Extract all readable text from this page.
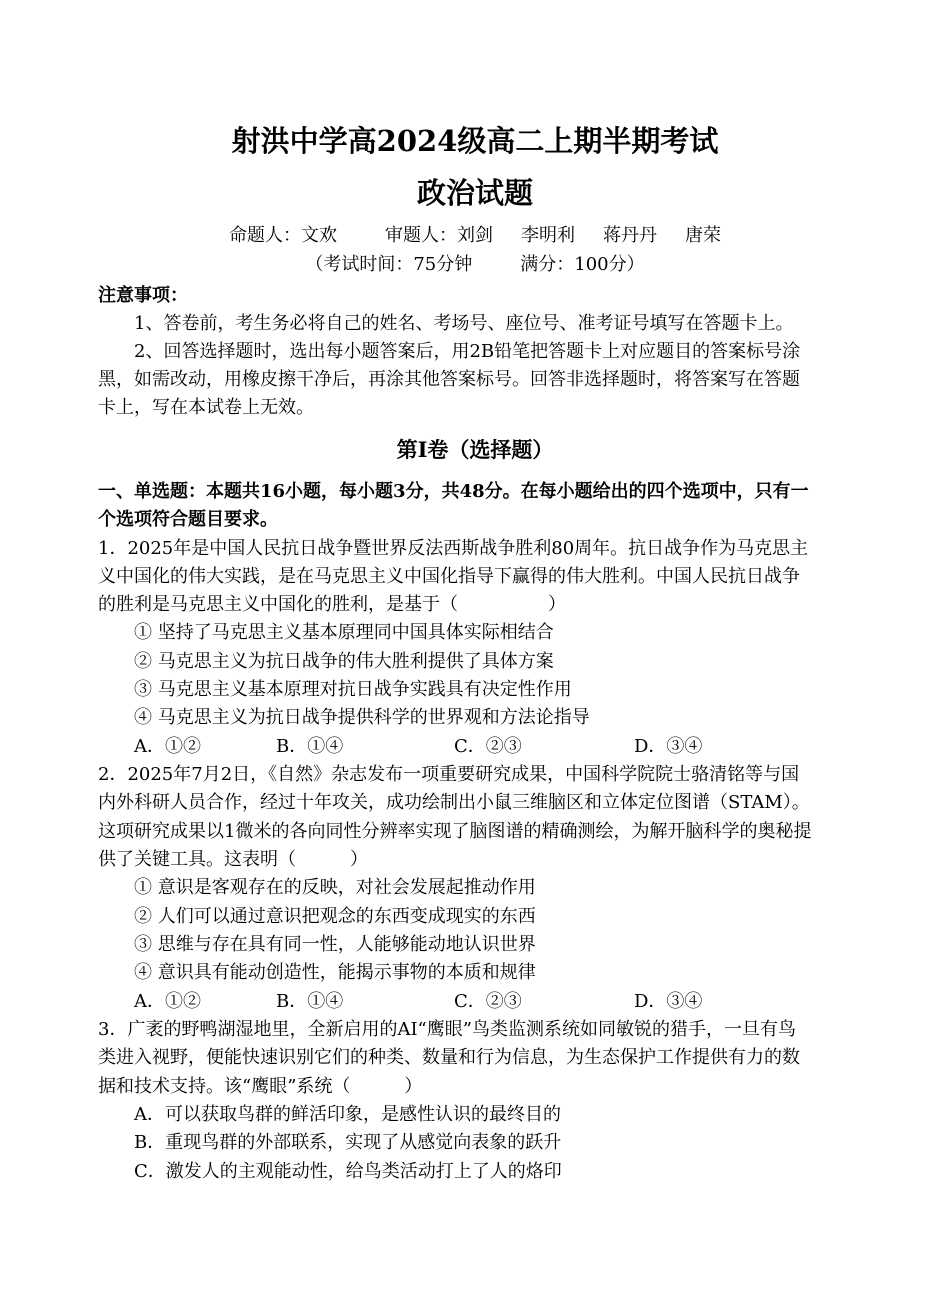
射洪中学高2024级高二上期半期考试
政治试题
命题人：文欢	审题人：刘剑 李明利 蒋丹丹 唐荣
（考试时间：75分钟	满分：100分）
注意事项：
1、答卷前，考生务必将自己的姓名、考场号、座位号、准考证号填写在答题卡上。
2、回答选择题时，选出每小题答案后，用2B铅笔把答题卡上对应题目的答案标号涂
黑，如需改动，用橡皮擦干净后，再涂其他答案标号。回答非选择题时，将答案写在答题
卡上，写在本试卷上无效。
第I卷（选择题）
一、单选题：本题共16小题，每小题3分，共48分。在每小题给出的四个选项中，只有一
个选项符合题目要求。
1．2025年是中国人民抗日战争暨世界反法西斯战争胜利80周年。抗日战争作为马克思主
义中国化的伟大实践，是在马克思主义中国化指导下赢得的伟大胜利。中国人民抗日战争
的胜利是马克思主义中国化的胜利，是基于（　　　　　）
① 坚持了马克思主义基本原理同中国具体实际相结合
② 马克思主义为抗日战争的伟大胜利提供了具体方案
③ 马克思主义基本原理对抗日战争实践具有决定性作用
④ 马克思主义为抗日战争提供科学的世界观和方法论指导
A．①②	B．①④	C．②③	D．③④
2．2025年7月2日，《自然》杂志发布一项重要研究成果，中国科学院院士骆清铭等与国
内外科研人员合作，经过十年攻关，成功绘制出小鼠三维脑区和立体定位图谱（STAM）。
这项研究成果以1微米的各向同性分辨率实现了脑图谱的精确测绘，为解开脑科学的奥秘提
供了关键工具。这表明（　　　）
① 意识是客观存在的反映，对社会发展起推动作用
② 人们可以通过意识把观念的东西变成现实的东西
③ 思维与存在具有同一性，人能够能动地认识世界
④ 意识具有能动创造性，能揭示事物的本质和规律
A．①②	B．①④	C．②③	D．③④
3．广袤的野鸭湖湿地里，全新启用的AI“鹰眼”鸟类监测系统如同敏锐的猎手，一旦有鸟
类进入视野，便能快速识别它们的种类、数量和行为信息，为生态保护工作提供有力的数
据和技术支持。该“鹰眼”系统（　　　）
A．可以获取鸟群的鲜活印象，是感性认识的最终目的
B．重现鸟群的外部联系，实现了从感觉向表象的跃升
C．激发人的主观能动性，给鸟类活动打上了人的烙印
